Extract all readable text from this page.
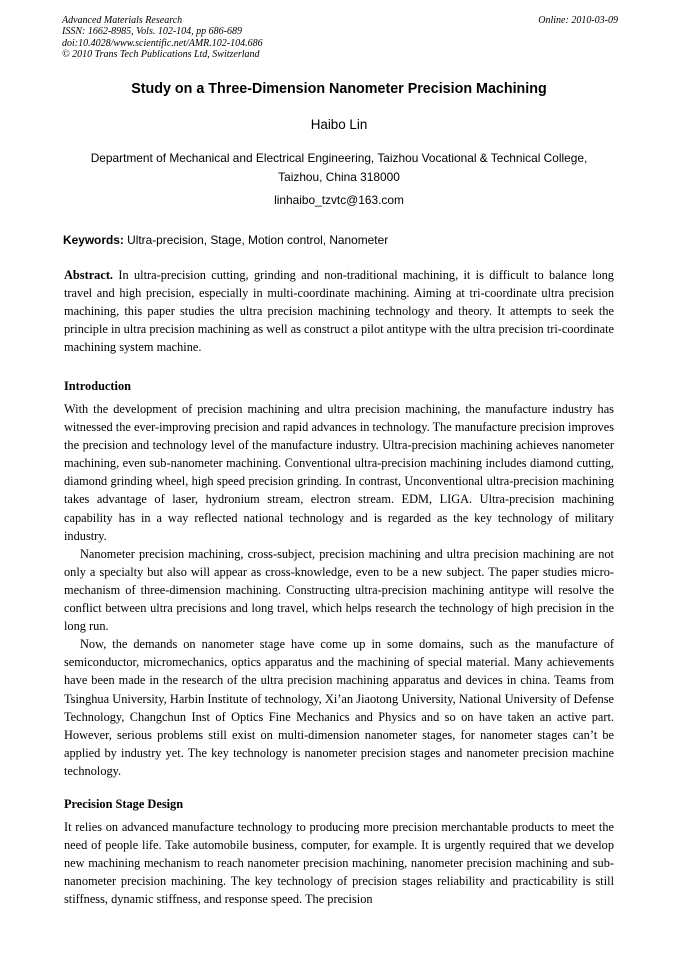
Advanced Materials Research
ISSN: 1662-8985, Vols. 102-104, pp 686-689
doi:10.4028/www.scientific.net/AMR.102-104.686
© 2010 Trans Tech Publications Ltd, Switzerland
Online: 2010-03-09
Study on a Three-Dimension Nanometer Precision Machining
Haibo Lin
Department of Mechanical and Electrical Engineering, Taizhou Vocational & Technical College,
Taizhou, China 318000
linhaibo_tzvtc@163.com
Keywords: Ultra-precision, Stage, Motion control, Nanometer

Abstract. In ultra-precision cutting, grinding and non-traditional machining, it is difficult to balance long travel and high precision, especially in multi-coordinate machining. Aiming at tri-coordinate ultra precision machining, this paper studies the ultra precision machining technology and theory. It attempts to seek the principle in ultra precision machining as well as construct a pilot antitype with the ultra precision tri-coordinate machining system machine.

Introduction

With the development of precision machining and ultra precision machining, the manufacture industry has witnessed the ever-improving precision and rapid advances in technology. The manufacture precision improves the precision and technology level of the manufacture industry. Ultra-precision machining achieves nanometer machining, even sub-nanometer machining. Conventional ultra-precision machining includes diamond cutting, diamond grinding wheel, high speed precision grinding. In contrast, Unconventional ultra-precision machining takes advantage of laser, hydronium stream, electron stream. EDM, LIGA. Ultra-precision machining capability has in a way reflected national technology and is regarded as the key technology of military industry.

Nanometer precision machining, cross-subject, precision machining and ultra precision machining are not only a specialty but also will appear as cross-knowledge, even to be a new subject. The paper studies micro-mechanism of three-dimension machining. Constructing ultra-precision machining antitype will resolve the conflict between ultra precisions and long travel, which helps research the technology of high precision in the long run.

Now, the demands on nanometer stage have come up in some domains, such as the manufacture of semiconductor, micromechanics, optics apparatus and the machining of special material. Many achievements have been made in the research of the ultra precision machining apparatus and devices in china. Teams from Tsinghua University, Harbin Institute of technology, Xi’an Jiaotong University, National University of Defense Technology, Changchun Inst of Optics Fine Mechanics and Physics and so on have taken an active part. However, serious problems still exist on multi-dimension nanometer stages, for nanometer stages can’t be applied by industry yet. The key technology is nanometer precision stages and nanometer precision machine technology.

Precision Stage Design

It relies on advanced manufacture technology to producing more precision merchantable products to meet the need of people life. Take automobile business, computer, for example. It is urgently required that we develop new machining mechanism to reach nanometer precision machining, nanometer precision machining and sub-nanometer precision machining. The key technology of precision stages reliability and practicability is still stiffness, dynamic stiffness, and response speed. The precision
